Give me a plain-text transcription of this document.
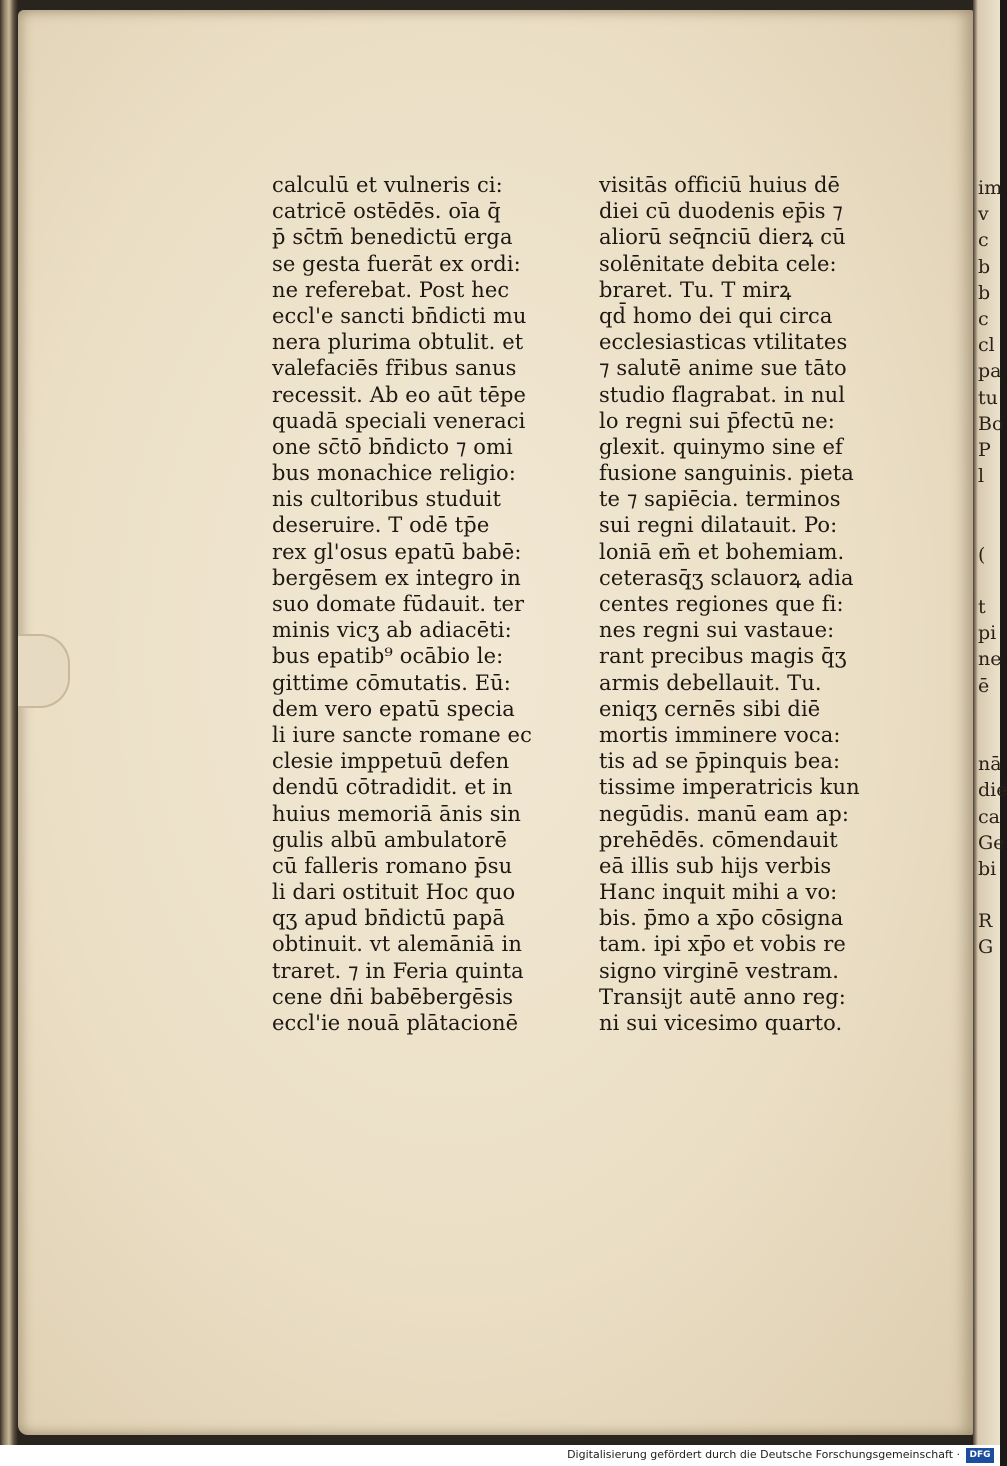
im
v
c
b
b
c
cl
pa
tu
Bo
P
l
(
t
pi
ne
ē
nā
die
ca
Ge
bi
R
G
calculū et vulneris ci:
catricē ostēdēs. oīa q̄
p̄ sc̄tm̄ benedictū erga
se gesta fuerāt ex ordi:
ne referebat. Post hec
eccl'e sancti bn̄dicti mu
nera plurima obtulit. et
valefaciēs fr̄ibus sanus
recessit. Ab eo aūt tēpe
quadā speciali veneraci
one sc̄tō bn̄dicto ⁊ omi
bus monachice religio:
nis cultoribus studuit
deseruire. T odē tp̄e
rex gl'osus epatū babē:
bergēsem ex integro in
suo domate fūdauit. ter
minis vicʒ ab adiacēti:
bus epatib⁹ ocābio le:
gittime cōmutatis. Eū:
dem vero epatū specia
li iure sancte romane ec
clesie imppetuū defen
dendū cōtradidit. et in
huius memoriā ānis sin
gulis albū ambulatorē
cū falleris romano p̄su
li dari ostituit Hoc quo
qʒ apud bn̄dictū papā
obtinuit. vt alemāniā in
traret. ⁊ in Feria quinta
cene dn̄i babēbergēsis
eccl'ie nouā plātacionē
visitās officiū huius dē
diei cū duodenis ep̄is ⁊
aliorū seq̄nciū dierꝝ cū
solēnitate debita cele:
braret. Tu. T mirꝝ
qd̄ homo dei qui circa
ecclesiasticas vtilitates
⁊ salutē anime sue tāto
studio flagrabat. in nul
lo regni sui p̄fectū ne:
glexit. quinymo sine ef
fusione sanguinis. pieta
te ⁊ sapiēcia. terminos
sui regni dilatauit. Po:
loniā em̄ et bohemiam.
ceterasq̄ʒ sclauorꝝ adia
centes regiones que fi:
nes regni sui vastaue:
rant precibus magis q̄ʒ
armis debellauit. Tu.
eniqʒ cernēs sibi diē
mortis imminere voca:
tis ad se p̄pinquis bea:
tissime imperatricis kun
negūdis. manū eam ap:
prehēdēs. cōmendauit
eā illis sub hijs verbis
Hanc inquit mihi a vo:
bis. p̄mo a xp̄o cōsigna
tam. ipi xp̄o et vobis re
signo virginē vestram.
Transijt autē anno reg:
ni sui vicesimo quarto.
Digitalisierung gefördert durch die Deutsche Forschungsgemeinschaft ·	DFG
